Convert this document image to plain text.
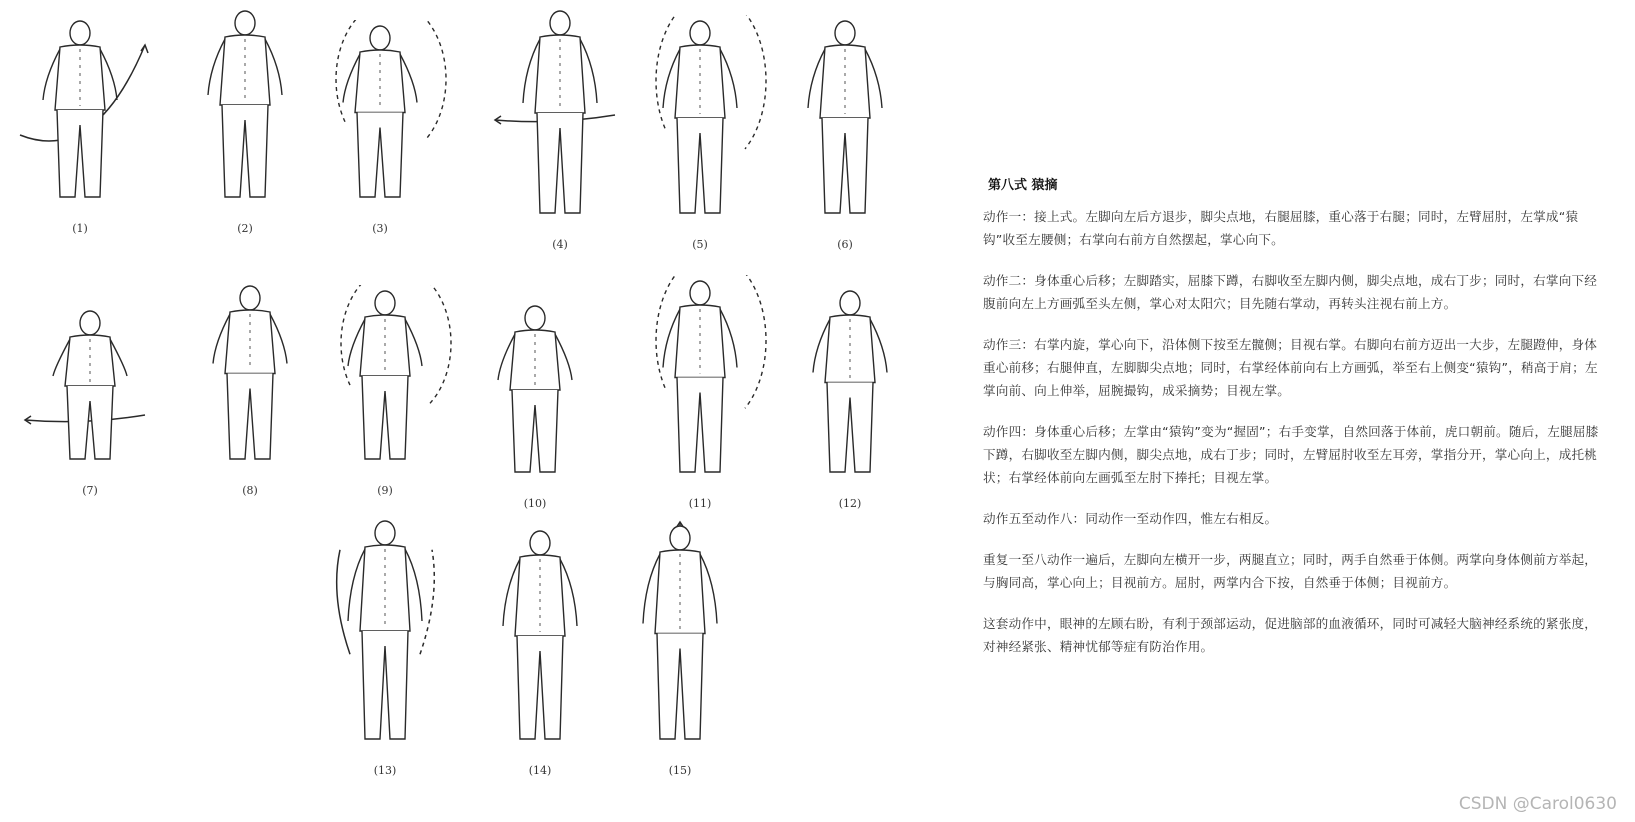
(1)	(2)	(3)
(4)	(5)	(6)
(7)	(8)	(9)
(10)	(11)	(12)
(13)	(14)	(15)
第八式 猿摘
动作一：接上式。左脚向左后方退步，脚尖点地，右腿屈膝，重心落于右腿；同时，左臂屈肘，左掌成“猿钩”收至左腰侧；右掌向右前方自然摆起，掌心向下。
动作二：身体重心后移；左脚踏实，屈膝下蹲，右脚收至左脚内侧，脚尖点地，成右丁步；同时，右掌向下经腹前向左上方画弧至头左侧，掌心对太阳穴；目先随右掌动，再转头注视右前上方。
动作三：右掌内旋，掌心向下，沿体侧下按至左髋侧；目视右掌。右脚向右前方迈出一大步，左腿蹬伸，身体重心前移；右腿伸直，左脚脚尖点地；同时，右掌经体前向右上方画弧，举至右上侧变“猿钩”，稍高于肩；左掌向前、向上伸举，屈腕撮钩，成采摘势；目视左掌。
动作四：身体重心后移；左掌由“猿钩”变为“握固”；右手变掌，自然回落于体前，虎口朝前。随后，左腿屈膝下蹲，右脚收至左脚内侧，脚尖点地，成右丁步；同时，左臂屈肘收至左耳旁，掌指分开，掌心向上，成托桃状；右掌经体前向左画弧至左肘下捧托；目视左掌。
动作五至动作八：同动作一至动作四，惟左右相反。
重复一至八动作一遍后，左脚向左横开一步，两腿直立；同时，两手自然垂于体侧。两掌向身体侧前方举起，与胸同高，掌心向上；目视前方。屈肘，两掌内合下按，自然垂于体侧；目视前方。
这套动作中，眼神的左顾右盼，有利于颈部运动，促进脑部的血液循环，同时可减轻大脑神经系统的紧张度，对神经紧张、精神忧郁等症有防治作用。
CSDN @Carol0630
